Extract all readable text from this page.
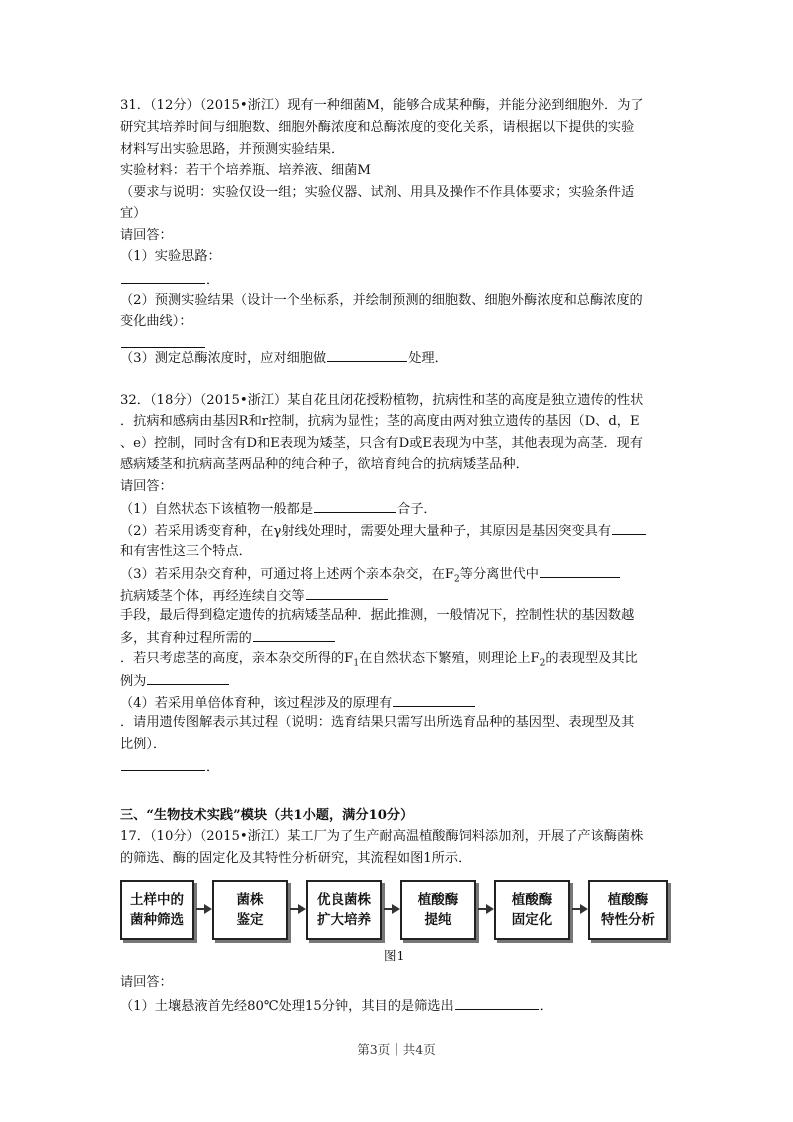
31．（12分）（2015•浙江）现有一种细菌M，能够合成某种酶，并能分泌到细胞外．为了
研究其培养时间与细胞数、细胞外酶浓度和总酶浓度的变化关系，请根据以下提供的实验
材料写出实验思路，并预测实验结果．
实验材料：若干个培养瓶、培养液、细菌M
（要求与说明：实验仅设一组；实验仪器、试剂、用具及操作不作具体要求；实验条件适
宜）
请回答：
（1）实验思路：
．
（2）预测实验结果（设计一个坐标系，并绘制预测的细胞数、细胞外酶浓度和总酶浓度的
变化曲线）：
（3）测定总酶浓度时，应对细胞做	处理．
32．（18分）（2015•浙江）某自花且闭花授粉植物，抗病性和茎的高度是独立遗传的性状
．抗病和感病由基因R和r控制，抗病为显性；茎的高度由两对独立遗传的基因（D、d，E
、e）控制，同时含有D和E表现为矮茎，只含有D或E表现为中茎，其他表现为高茎．现有
感病矮茎和抗病高茎两品种的纯合种子，欲培育纯合的抗病矮茎品种．
请回答：
（1）自然状态下该植物一般都是	合子．
（2）若采用诱变育种，在γ射线处理时，需要处理大量种子，其原因是基因突变具有
和有害性这三个特点．
（3）若采用杂交育种，可通过将上述两个亲本杂交，在$F_2$等分离世代中
抗病矮茎个体，再经连续自交等
手段，最后得到稳定遗传的抗病矮茎品种．据此推测，一般情况下，控制性状的基因数越
多，其育种过程所需的
．若只考虑茎的高度，亲本杂交所得的$F_1$在自然状态下繁殖，则理论上$F_2$的表现型及其比
例为
（4）若采用单倍体育种，该过程涉及的原理有
．请用遗传图解表示其过程（说明：选育结果只需写出所选育品种的基因型、表现型及其
比例）．
．
三、“生物技术实践”模块（共1小题，满分10分）
17．（10分）（2015•浙江）某工厂为了生产耐高温植酸酶饲料添加剂，开展了产该酶菌株
的筛选、酶的固定化及其特性分析研究，其流程如图1所示．
土样中的
菌种筛选
菌株
鉴定
优良菌株
扩大培养
植酸酶
提纯
植酸酶
固定化
植酸酶
特性分析
图1
请回答：
（1）土壤悬液首先经80℃处理15分钟，其目的是筛选出	．
第3页｜共4页
